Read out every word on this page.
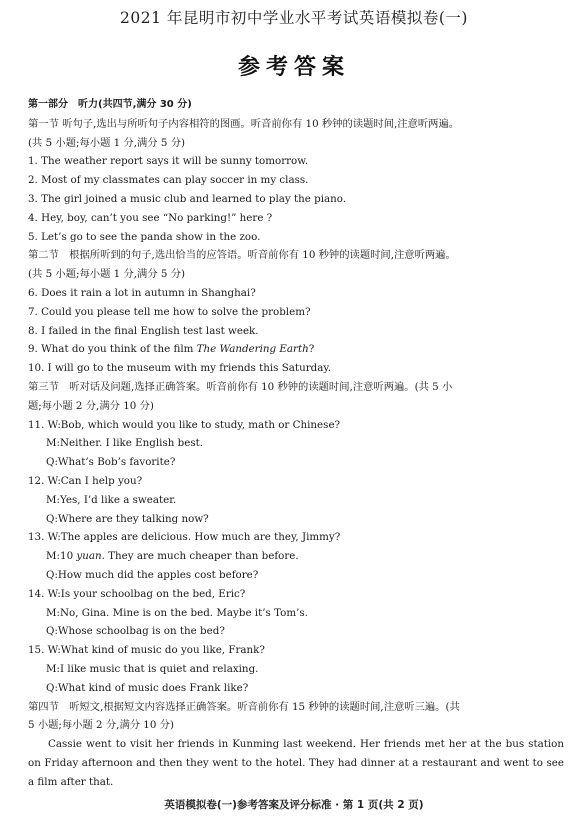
2021 年昆明市初中学业水平考试英语模拟卷(一)
参考答案
第一部分　听力(共四节,满分 30 分)
第一节 听句子,选出与所听句子内容相符的图画。听音前你有 10 秒钟的读题时间,注意听两遍。
(共 5 小题;每小题 1 分,满分 5 分)
1. The weather report says it will be sunny tomorrow.
2. Most of my classmates can play soccer in my class.
3. The girl joined a music club and learned to play the piano.
4. Hey, boy, can’t you see “No parking!” here ?
5. Let’s go to see the panda show in the zoo.
第二节　根据所听到的句子,选出恰当的应答语。听音前你有 10 秒钟的读题时间,注意听两遍。
(共 5 小题;每小题 1 分,满分 5 分)
6. Does it rain a lot in autumn in Shanghai?
7. Could you please tell me how to solve the problem?
8. I failed in the final English test last week.
9. What do you think of the film The Wandering Earth?
10. I will go to the museum with my friends this Saturday.
第三节　听对话及问题,选择正确答案。听音前你有 10 秒钟的读题时间,注意听两遍。(共 5 小
题;每小题 2 分,满分 10 分)
11. W:Bob, which would you like to study, math or Chinese?
M:Neither. I like English best.
Q:What’s Bob’s favorite?
12. W:Can I help you?
M:Yes, I’d like a sweater.
Q:Where are they talking now?
13. W:The apples are delicious. How much are they, Jimmy?
M:10 yuan. They are much cheaper than before.
Q:How much did the apples cost before?
14. W:Is your schoolbag on the bed, Eric?
M:No, Gina. Mine is on the bed. Maybe it’s Tom’s.
Q:Whose schoolbag is on the bed?
15. W:What kind of music do you like, Frank?
M:I like music that is quiet and relaxing.
Q:What kind of music does Frank like?
第四节　听短文,根据短文内容选择正确答案。听音前你有 15 秒钟的读题时间,注意听三遍。(共
5 小题;每小题 2 分,满分 10 分)
Cassie went to visit her friends in Kunming last weekend. Her friends met her at the bus station on Friday afternoon and then they went to the hotel. They had dinner at a restaurant and went to see a film after that.
英语模拟卷(一)参考答案及评分标准 · 第 1 页(共 2 页)
